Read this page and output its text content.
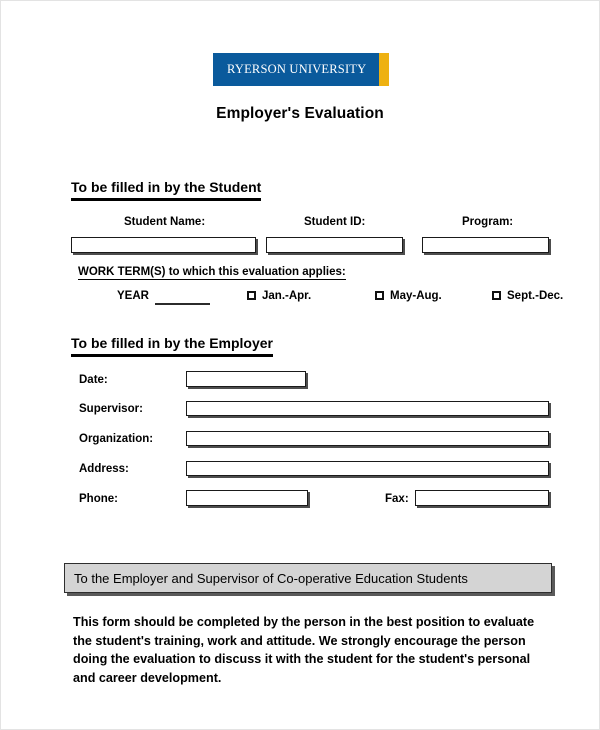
RYERSON UNIVERSITY
Employer's Evaluation
To be filled in by the Student
Student Name:	Student ID:	Program:
WORK TERM(S) to which this evaluation applies:
YEAR	Jan.-Apr.	May-Aug.	Sept.-Dec.
To be filled in by the Employer
Date:
Supervisor:
Organization:
Address:
Phone:	Fax:
To the Employer and Supervisor of Co-operative Education Students
This form should be completed by the person in the best position to evaluate the student's training, work and attitude. We strongly encourage the person doing the evaluation to discuss it with the student for the student's personal and career development.
